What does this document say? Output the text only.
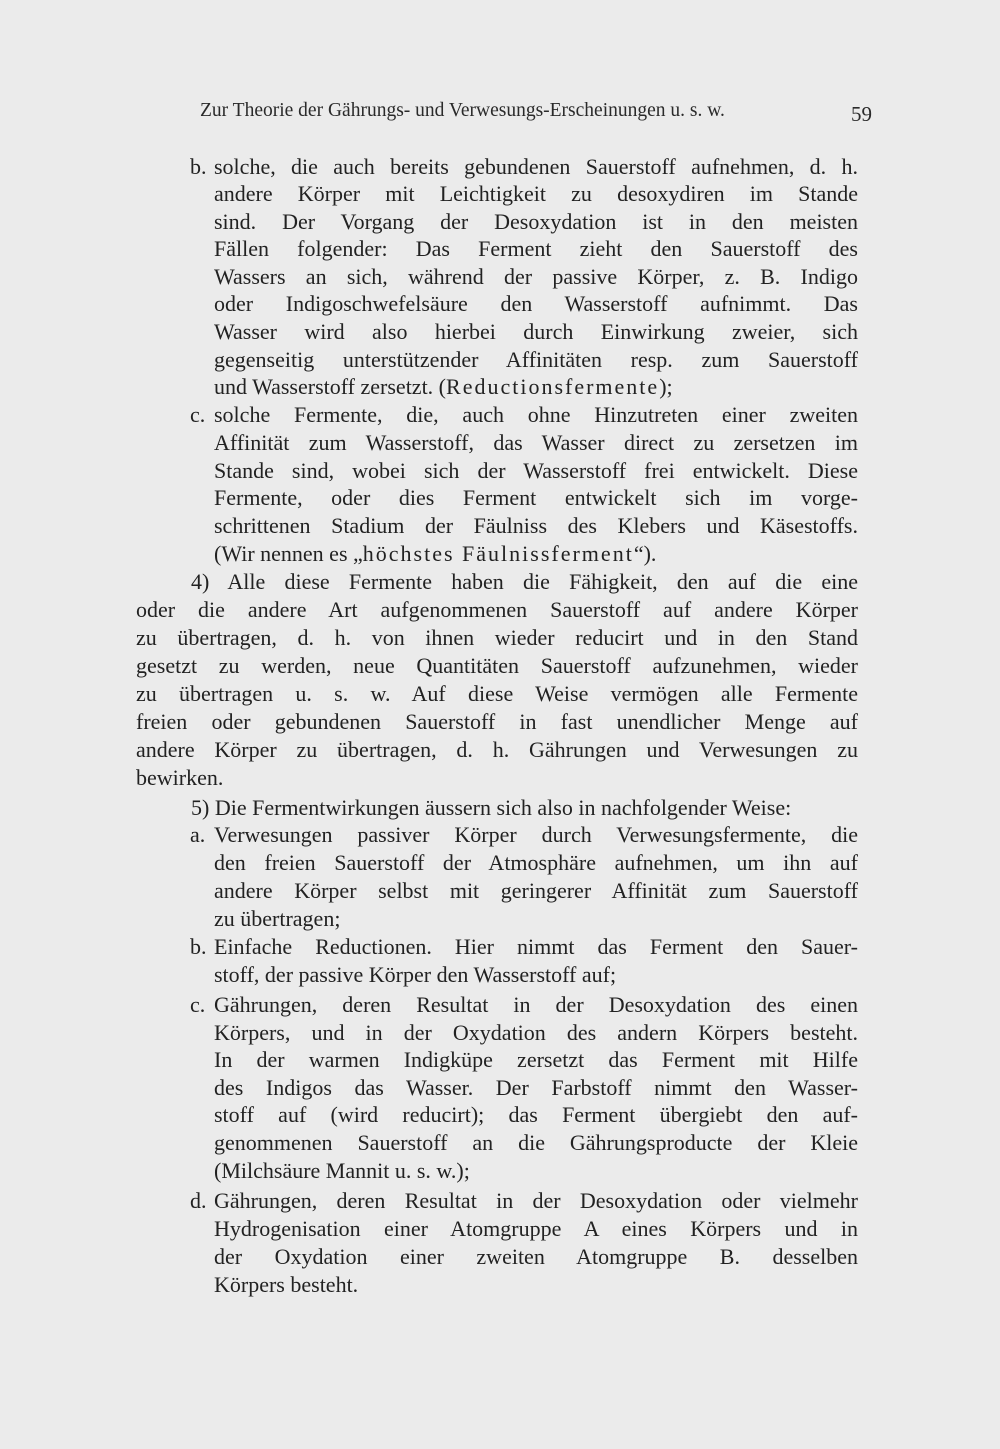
Zur Theorie der Gährungs- und Verwesungs-Erscheinungen u. s. w.	59
b. solche, die auch bereits gebundenen Sauerstoff aufnehmen, d. h.
andere Körper mit Leichtigkeit zu desoxydiren im Stande
sind. Der Vorgang der Desoxydation ist in den meisten
Fällen folgender: Das Ferment zieht den Sauerstoff des
Wassers an sich, während der passive Körper, z. B. Indigo
oder Indigoschwefelsäure den Wasserstoff aufnimmt. Das
Wasser wird also hierbei durch Einwirkung zweier, sich
gegenseitig unterstützender Affinitäten resp. zum Sauerstoff
und Wasserstoff zersetzt. (Reductionsfermente);
c. solche Fermente, die, auch ohne Hinzutreten einer zweiten
Affinität zum Wasserstoff, das Wasser direct zu zersetzen im
Stande sind, wobei sich der Wasserstoff frei entwickelt. Diese
Fermente, oder dies Ferment entwickelt sich im vorge-
schrittenen Stadium der Fäulniss des Klebers und Käsestoffs.
(Wir nennen es „höchstes Fäulnissferment“).
4) Alle diese Fermente haben die Fähigkeit, den auf die eine
oder die andere Art aufgenommenen Sauerstoff auf andere Körper
zu übertragen, d. h. von ihnen wieder reducirt und in den Stand
gesetzt zu werden, neue Quantitäten Sauerstoff aufzunehmen, wieder
zu übertragen u. s. w. Auf diese Weise vermögen alle Fermente
freien oder gebundenen Sauerstoff in fast unendlicher Menge auf
andere Körper zu übertragen, d. h. Gährungen und Verwesungen zu
bewirken.
5) Die Fermentwirkungen äussern sich also in nachfolgender Weise:
a. Verwesungen passiver Körper durch Verwesungsfermente, die
den freien Sauerstoff der Atmosphäre aufnehmen, um ihn auf
andere Körper selbst mit geringerer Affinität zum Sauerstoff
zu übertragen;
b. Einfache Reductionen. Hier nimmt das Ferment den Sauer-
stoff, der passive Körper den Wasserstoff auf;
c. Gährungen, deren Resultat in der Desoxydation des einen
Körpers, und in der Oxydation des andern Körpers besteht.
In der warmen Indigküpe zersetzt das Ferment mit Hilfe
des Indigos das Wasser. Der Farbstoff nimmt den Wasser-
stoff auf (wird reducirt); das Ferment übergiebt den auf-
genommenen Sauerstoff an die Gährungsproducte der Kleie
(Milchsäure Mannit u. s. w.);
d. Gährungen, deren Resultat in der Desoxydation oder vielmehr
Hydrogenisation einer Atomgruppe A eines Körpers und in
der Oxydation einer zweiten Atomgruppe B. desselben
Körpers besteht.
